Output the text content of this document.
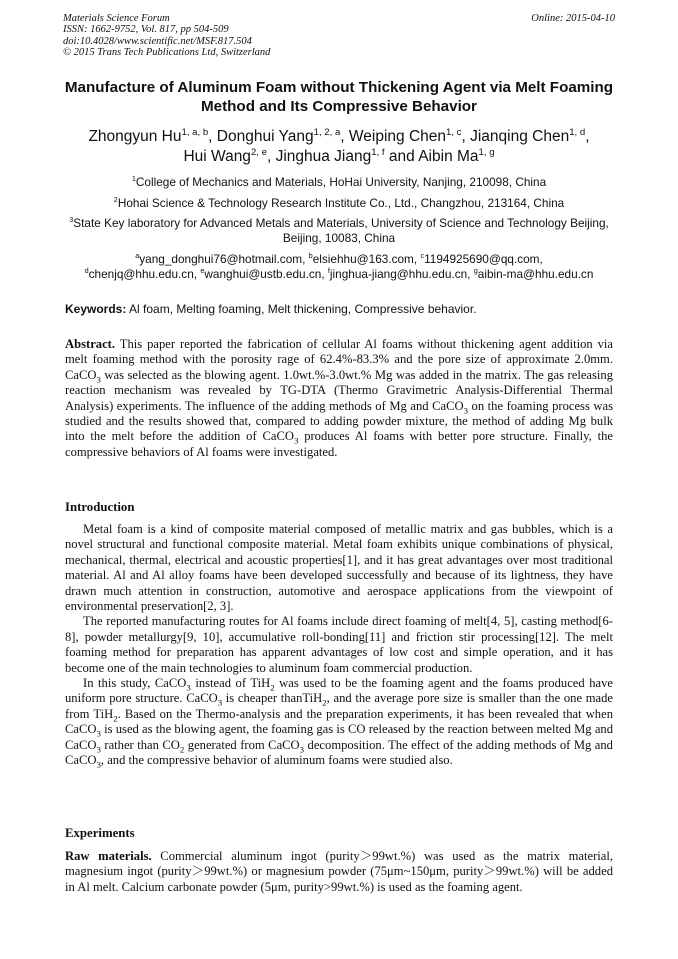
Materials Science Forum
ISSN: 1662-9752, Vol. 817, pp 504-509
doi:10.4028/www.scientific.net/MSF.817.504
© 2015 Trans Tech Publications Ltd, Switzerland
Online: 2015-04-10
Manufacture of Aluminum Foam without Thickening Agent via Melt Foaming Method and Its Compressive Behavior
Zhongyun Hu$^{1, a, b}$, Donghui Yang$^{1, 2, a}$, Weiping Chen$^{1, c}$, Jianqing Chen$^{1, d}$,
Hui Wang$^{2, e}$, Jinghua Jiang$^{1, f}$ and Aibin Ma$^{1, g}$
$^1$College of Mechanics and Materials, HoHai University, Nanjing, 210098, China
$^2$Hohai Science & Technology Research Institute Co., Ltd., Changzhou, 213164, China
$^3$State Key laboratory for Advanced Metals and Materials, University of Science and Technology Beijing, Beijing, 10083, China
$^a$yang_donghui76@hotmail.com, $^b$elsiehhu@163.com, $^c$1194925690@qq.com,
$^d$chenjq@hhu.edu.cn, $^e$wanghui@ustb.edu.cn, $^f$jinghua-jiang@hhu.edu.cn, $^g$aibin-ma@hhu.edu.cn
Keywords: Al foam, Melting foaming, Melt thickening, Compressive behavior.

Abstract. This paper reported the fabrication of cellular Al foams without thickening agent addition via melt foaming method with the porosity rage of 62.4%-83.3% and the pore size of approximate 2.0mm. CaCO$_3$ was selected as the blowing agent. 1.0wt.%-3.0wt.% Mg was added in the matrix. The gas releasing reaction mechanism was revealed by TG-DTA (Thermo Gravimetric Analysis-Differential Thermal Analysis) experiments. The influence of the adding methods of Mg and CaCO$_3$ on the foaming process was studied and the results showed that, compared to adding powder mixture, the method of adding Mg bulk into the melt before the addition of CaCO$_3$ produces Al foams with better pore structure. Finally, the compressive behaviors of Al foams were investigated.

Introduction

Metal foam is a kind of composite material composed of metallic matrix and gas bubbles, which is a novel structural and functional composite material. Metal foam exhibits unique combinations of physical, mechanical, thermal, electrical and acoustic properties[1], and it has great advantages over most traditional material. Al and Al alloy foams have been developed successfully and because of its lightness, they have drawn much attention in construction, automotive and aerospace applications from the viewpoint of environmental preservation[2, 3].

The reported manufacturing routes for Al foams include direct foaming of melt[4, 5], casting method[6-8], powder metallurgy[9, 10], accumulative roll-bonding[11] and friction stir processing[12]. The melt foaming method for preparation has apparent advantages of low cost and simple operation, and it has become one of the main technologies to aluminum foam commercial production.

In this study, CaCO$_3$ instead of TiH$_2$ was used to be the foaming agent and the foams produced have uniform pore structure. CaCO$_3$ is cheaper thanTiH$_2$, and the average pore size is smaller than the one made from TiH$_2$. Based on the Thermo-analysis and the preparation experiments, it has been revealed that when CaCO$_3$ is used as the blowing agent, the foaming gas is CO released by the reaction between melted Mg and CaCO$_3$ rather than $CO_2$ generated from CaCO$_3$ decomposition. The effect of the adding methods of Mg and CaCO$_3$, and the compressive behavior of aluminum foams were studied also.

Experiments

Raw materials. Commercial aluminum ingot (purity＞99wt.%) was used as the matrix material, magnesium ingot (purity＞99wt.%) or magnesium powder (75μm~150μm, purity＞99wt.%) will be added in Al melt. Calcium carbonate powder (5μm, purity>99wt.%) is used as the foaming agent.
